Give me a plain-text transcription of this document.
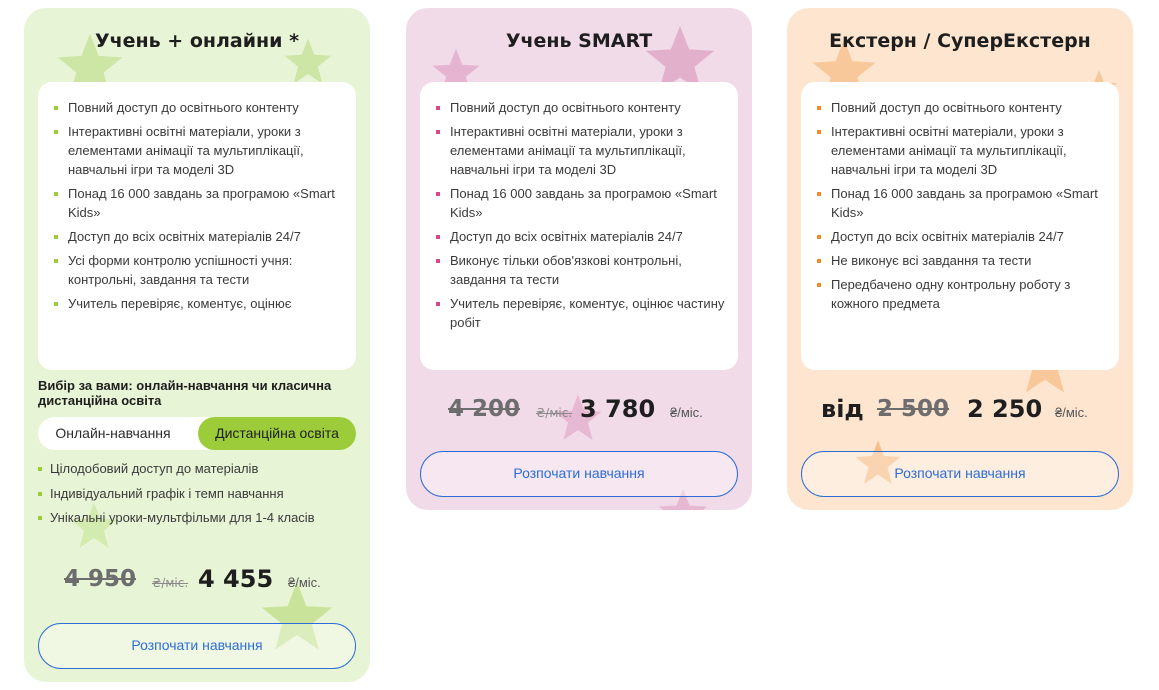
Учень + онлайни *
Повний доступ до освітнього контенту
Інтерактивні освітні матеріали, уроки з елементами анімації та мультиплікації, навчальні ігри та моделі 3D
Понад 16 000 завдань за програмою «Smart Kids»
Доступ до всіх освітніх матеріалів 24/7
Усі форми контролю успішності учня: контрольні, завдання та тести
Учитель перевіряє, коментує, оцінює
Вибір за вами: онлайн-навчання чи класична дистанційна освіта
Онлайн-навчання	Дистанційна освіта
Цілодобовий доступ до матеріалів
Індивідуальний графік і темп навчання
Унікальні уроки-мультфільми для 1-4 класів
4 950 ₴/міс. 4 455 ₴/міс.
Розпочати навчання
Учень SMART
Повний доступ до освітнього контенту
Інтерактивні освітні матеріали, уроки з елементами анімації та мультиплікації, навчальні ігри та моделі 3D
Понад 16 000 завдань за програмою «Smart Kids»
Доступ до всіх освітніх матеріалів 24/7
Виконує тільки обов'язкові контрольні, завдання та тести
Учитель перевіряє, коментує, оцінює частину робіт
4 200 ₴/міс. 3 780 ₴/міс.
Розпочати навчання
Екстерн / СуперЕкстерн
Повний доступ до освітнього контенту
Інтерактивні освітні матеріали, уроки з елементами анімації та мультиплікації, навчальні ігри та моделі 3D
Понад 16 000 завдань за програмою «Smart Kids»
Доступ до всіх освітніх матеріалів 24/7
Не виконує всі завдання та тести
Передбачено одну контрольну роботу з кожного предмета
від 2 500 2 250 ₴/міс.
Розпочати навчання
